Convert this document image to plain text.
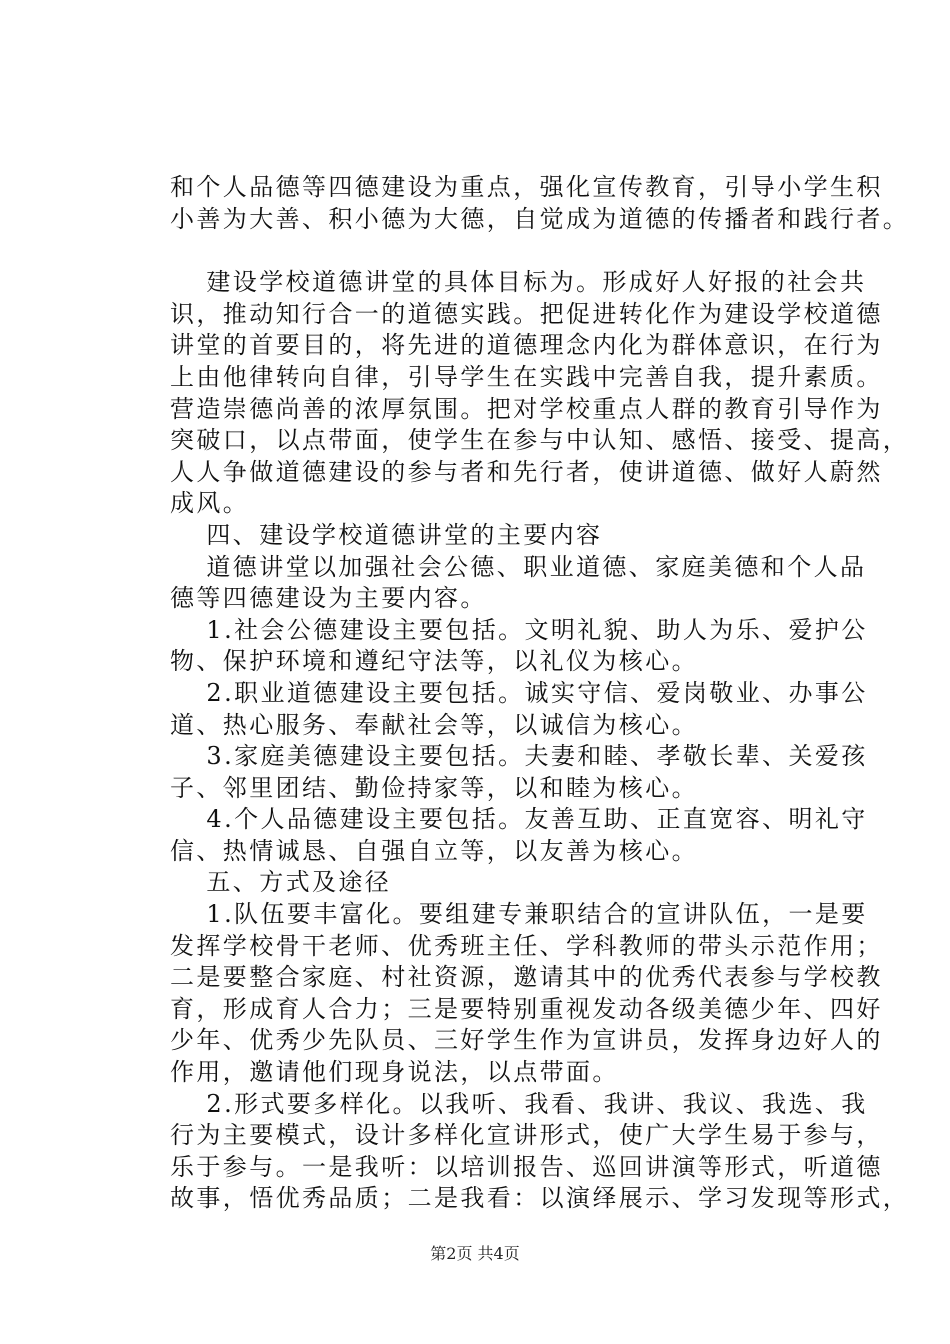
和个人品德等四德建设为重点，强化宣传教育，引导小学生积
小善为大善、积小德为大德，自觉成为道德的传播者和践行者。
　建设学校道德讲堂的具体目标为。形成好人好报的社会共
识，推动知行合一的道德实践。把促进转化作为建设学校道德
讲堂的首要目的，将先进的道德理念内化为群体意识，在行为
上由他律转向自律，引导学生在实践中完善自我，提升素质。
营造崇德尚善的浓厚氛围。把对学校重点人群的教育引导作为
突破口，以点带面，使学生在参与中认知、感悟、接受、提高，
人人争做道德建设的参与者和先行者，使讲道德、做好人蔚然
成风。
　四、建设学校道德讲堂的主要内容
　道德讲堂以加强社会公德、职业道德、家庭美德和个人品
德等四德建设为主要内容。
　1.社会公德建设主要包括。文明礼貌、助人为乐、爱护公
物、保护环境和遵纪守法等，以礼仪为核心。
　2.职业道德建设主要包括。诚实守信、爱岗敬业、办事公
道、热心服务、奉献社会等，以诚信为核心。
　3.家庭美德建设主要包括。夫妻和睦、孝敬长辈、关爱孩
子、邻里团结、勤俭持家等，以和睦为核心。
　4.个人品德建设主要包括。友善互助、正直宽容、明礼守
信、热情诚恳、自强自立等，以友善为核心。
　五、方式及途径
　1.队伍要丰富化。要组建专兼职结合的宣讲队伍，一是要
发挥学校骨干老师、优秀班主任、学科教师的带头示范作用；
二是要整合家庭、村社资源，邀请其中的优秀代表参与学校教
育，形成育人合力；三是要特别重视发动各级美德少年、四好
少年、优秀少先队员、三好学生作为宣讲员，发挥身边好人的
作用，邀请他们现身说法，以点带面。
　2.形式要多样化。以我听、我看、我讲、我议、我选、我
行为主要模式，设计多样化宣讲形式，使广大学生易于参与，
乐于参与。一是我听：以培训报告、巡回讲演等形式，听道德
故事，悟优秀品质；二是我看：以演绎展示、学习发现等形式，
第2页 共4页
